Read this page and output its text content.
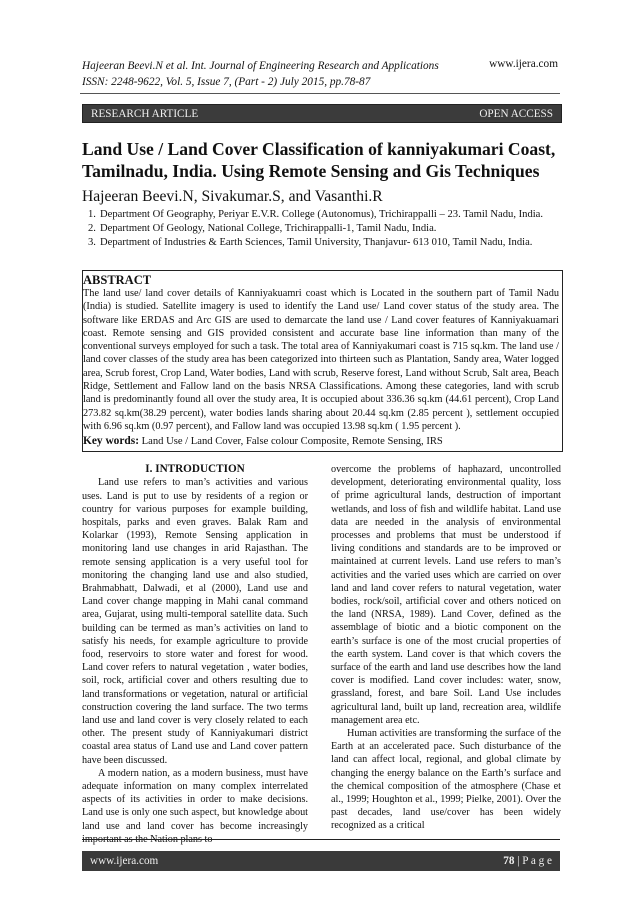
Hajeeran Beevi.N et al. Int. Journal of Engineering Research and Applications
ISSN: 2248-9622, Vol. 5, Issue 7, (Part - 2) July 2015, pp.78-87
www.ijera.com
RESEARCH ARTICLE	OPEN ACCESS
Land Use / Land Cover Classification of kanniyakumari Coast, Tamilnadu, India. Using Remote Sensing and Gis Techniques
Hajeeran Beevi.N, Sivakumar.S, and Vasanthi.R
1. Department Of Geography, Periyar E.V.R. College (Autonomus), Trichirappalli – 23. Tamil Nadu, India.
2. Department Of Geology, National College, Trichirappalli-1, Tamil Nadu, India.
3. Department of Industries & Earth Sciences, Tamil University, Thanjavur- 613 010, Tamil Nadu, India.
ABSTRACT

The land use/ land cover details of Kanniyakuamri coast which is Located in the southern part of Tamil Nadu (India) is studied. Satellite imagery is used to identify the Land use/ Land cover status of the study area. The software like ERDAS and Arc GIS are used to demarcate the land use / Land cover features of Kanniyakuamari coast. Remote sensing and GIS provided consistent and accurate base line information than many of the conventional surveys employed for such a task. The total area of Kanniyakumari coast is 715 sq.km. The land use / land cover classes of the study area has been categorized into thirteen such as Plantation, Sandy area, Water logged area, Scrub forest, Crop Land, Water bodies, Land with scrub, Reserve forest, Land without Scrub, Salt area, Beach Ridge, Settlement and Fallow land on the basis NRSA Classifications. Among these categories, land with scrub land is predominantly found all over the study area, It is occupied about 336.36 sq.km (44.61 percent), Crop Land 273.82 sq.km(38.29 percent), water bodies lands sharing about 20.44 sq.km (2.85 percent ), settlement occupied with 6.96 sq.km (0.97 percent), and Fallow land was occupied 13.98 sq.km ( 1.95 percent ).

Key words: Land Use / Land Cover, False colour Composite, Remote Sensing, IRS

I. INTRODUCTION

Land use refers to man’s activities and various uses. Land is put to use by residents of a region or country for various purposes for example building, hospitals, parks and even graves. Balak Ram and Kolarkar (1993), Remote Sensing application in monitoring land use changes in arid Rajasthan. The remote sensing application is a very useful tool for monitoring the changing land use and also studied, Brahmabhatt, Dalwadi, et al (2000), Land use and Land cover change mapping in Mahi canal command area, Gujarat, using multi-temporal satellite data. Such building can be termed as man’s activities on land to satisfy his needs, for example agriculture to provide food, reservoirs to store water and forest for wood. Land cover refers to natural vegetation , water bodies, soil, rock, artificial cover and others resulting due to land transformations or vegetation, natural or artificial construction covering the land surface. The two terms land use and land cover is very closely related to each other. The present study of Kanniyakumari district coastal area status of Land use and Land cover pattern have been discussed.

A modern nation, as a modern business, must have adequate information on many complex interrelated aspects of its activities in order to make decisions. Land use is only one such aspect, but knowledge about land use and land cover has become increasingly important as the Nation plans to

overcome the problems of haphazard, uncontrolled development, deteriorating environmental quality, loss of prime agricultural lands, destruction of important wetlands, and loss of fish and wildlife habitat. Land use data are needed in the analysis of environmental processes and problems that must be understood if living conditions and standards are to be improved or maintained at current levels. Land use refers to man’s activities and the varied uses which are carried on over land and land cover refers to natural vegetation, water bodies, rock/soil, artificial cover and others noticed on the land (NRSA, 1989). Land Cover, defined as the assemblage of biotic and a biotic component on the earth’s surface is one of the most crucial properties of the earth system. Land cover is that which covers the surface of the earth and land use describes how the land cover is modified. Land cover includes: water, snow, grassland, forest, and bare Soil. Land Use includes agricultural land, built up land, recreation area, wildlife management area etc.

Human activities are transforming the surface of the Earth at an accelerated pace. Such disturbance of the land can affect local, regional, and global climate by changing the energy balance on the Earth’s surface and the chemical composition of the atmosphere (Chase et al., 1999; Houghton et al., 1999; Pielke, 2001). Over the past decades, land use/cover has been widely recognized as a critical

www.ijera.com	78 | P a g e
